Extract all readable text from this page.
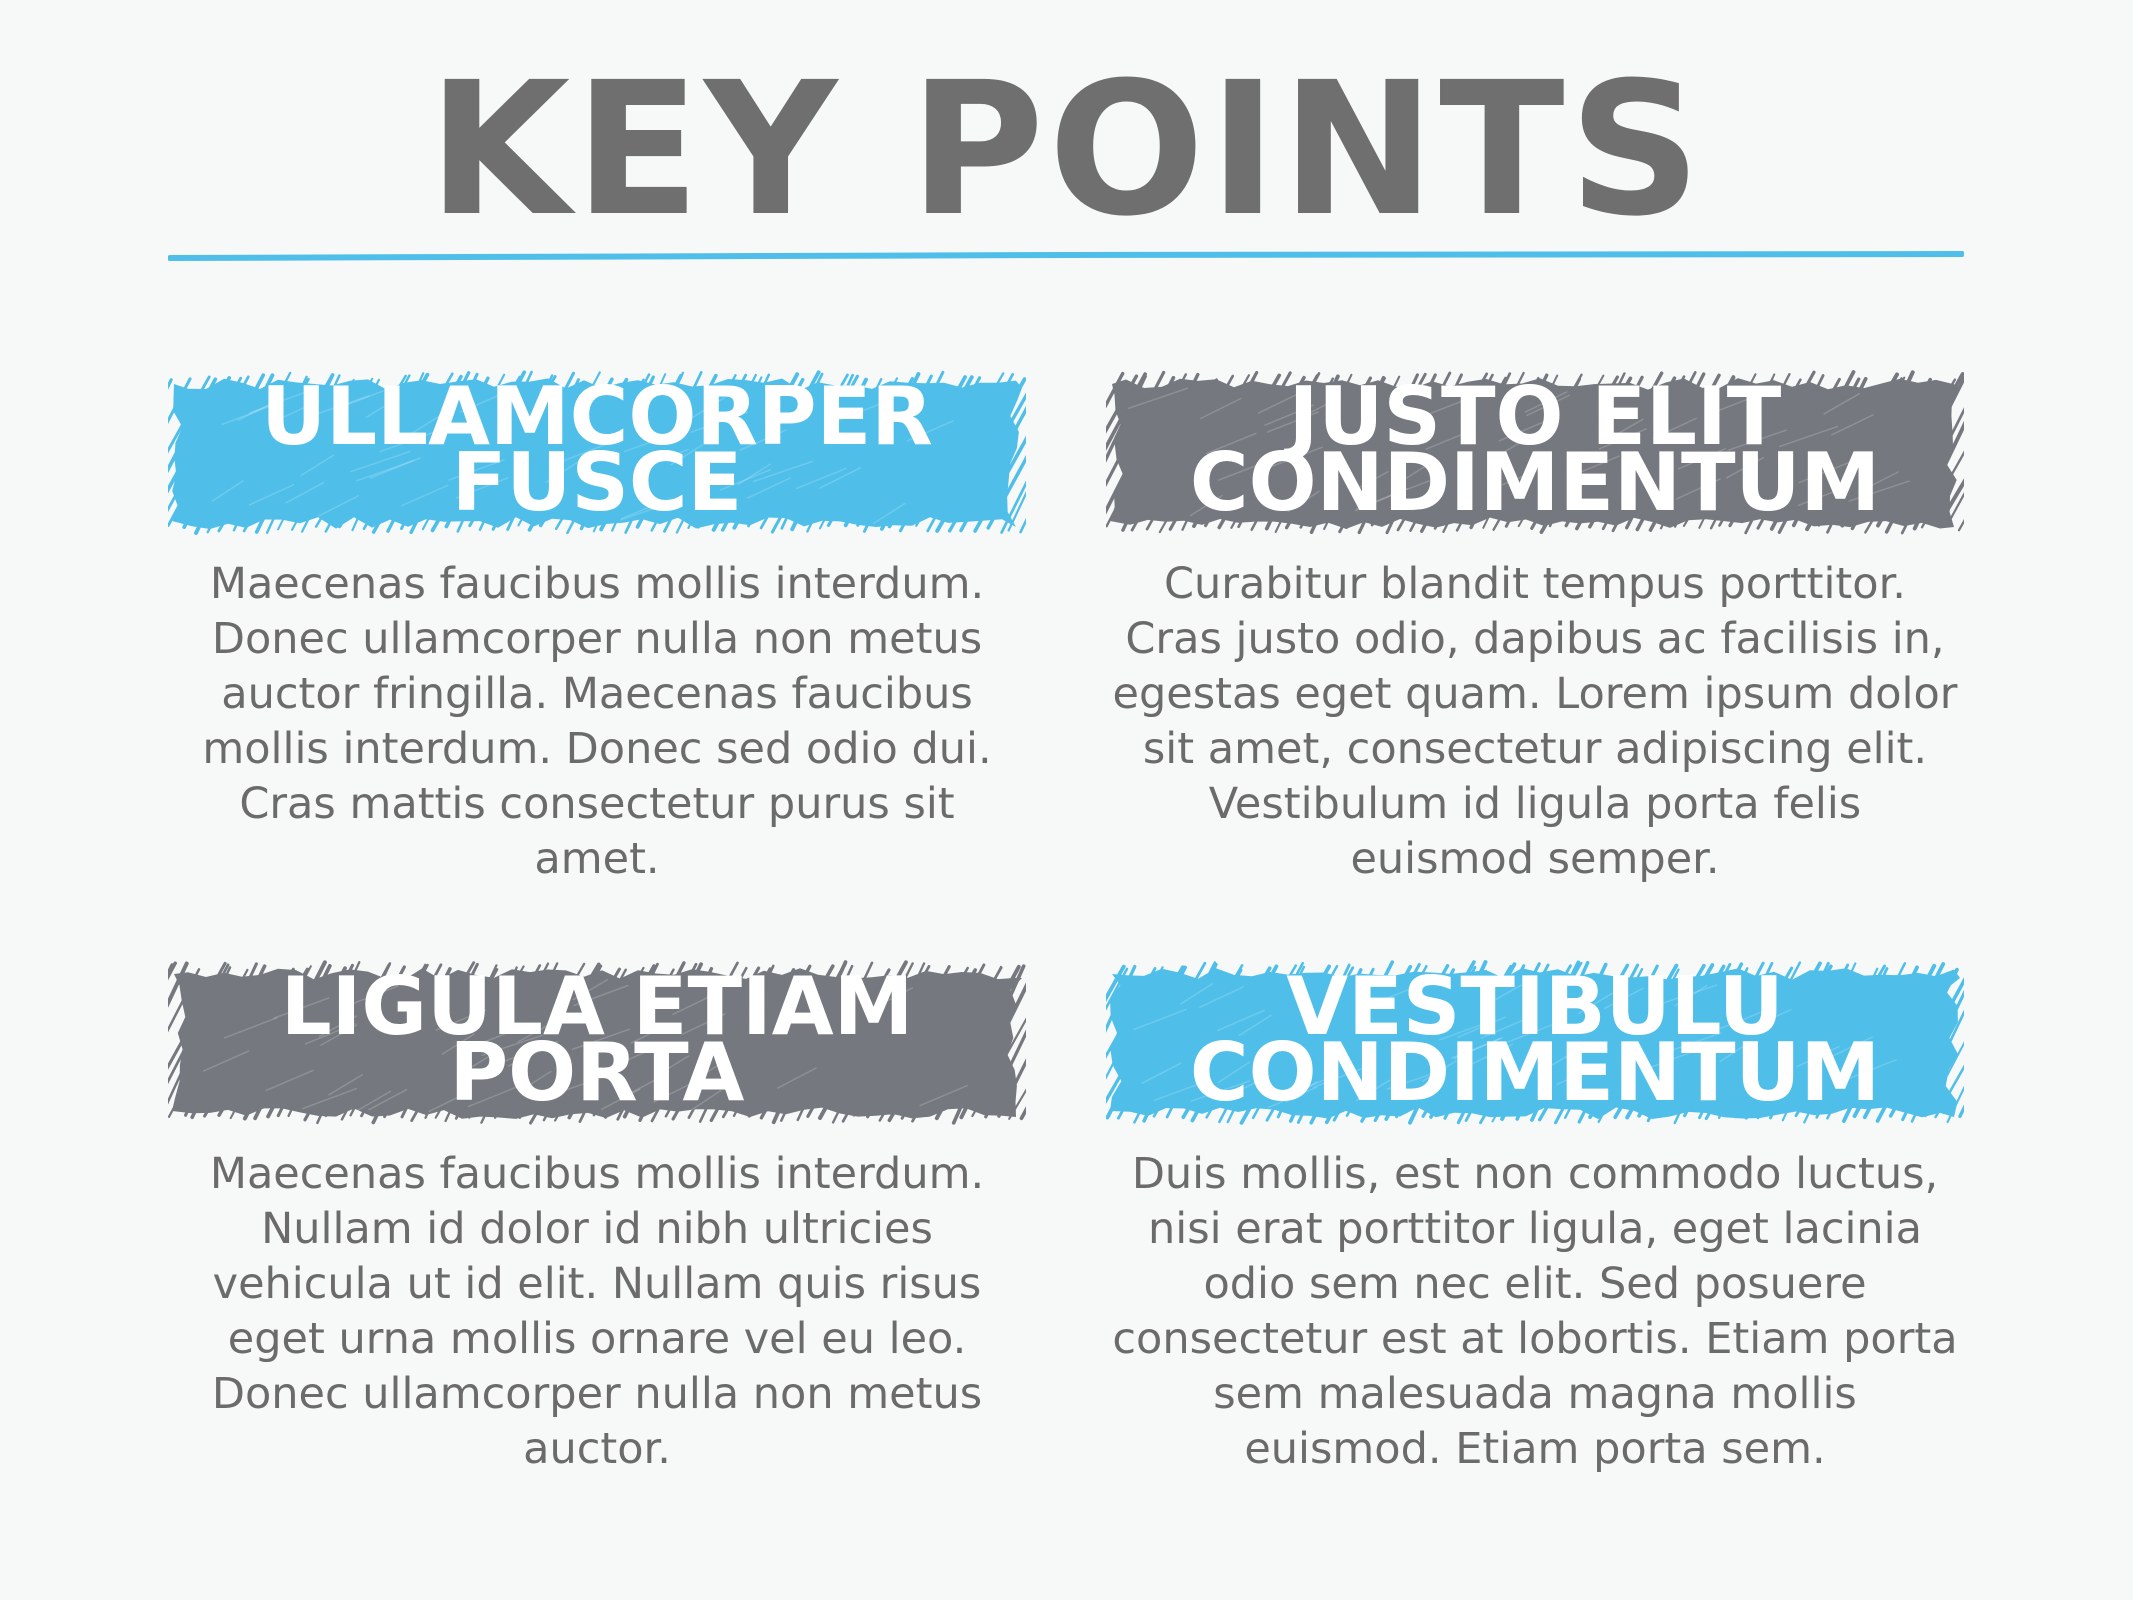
KEY POINTS
ULLAMCORPER FUSCE

Maecenas faucibus mollis interdum. Donec ullamcorper nulla non metus auctor fringilla. Maecenas faucibus mollis interdum. Donec sed odio dui. Cras mattis consectetur purus sit amet.

JUSTO ELIT CONDIMENTUM

Curabitur blandit tempus porttitor. Cras justo odio, dapibus ac facilisis in, egestas eget quam. Lorem ipsum dolor sit amet, consectetur adipiscing elit. Vestibulum id ligula porta felis euismod semper.

LIGULA ETIAM PORTA

Maecenas faucibus mollis interdum. Nullam id dolor id nibh ultricies vehicula ut id elit. Nullam quis risus eget urna mollis ornare vel eu leo. Donec ullamcorper nulla non metus auctor.

VESTIBULU CONDIMENTUM

Duis mollis, est non commodo luctus, nisi erat porttitor ligula, eget lacinia odio sem nec elit. Sed posuere consectetur est at lobortis. Etiam porta sem malesuada magna mollis euismod. Etiam porta sem.
